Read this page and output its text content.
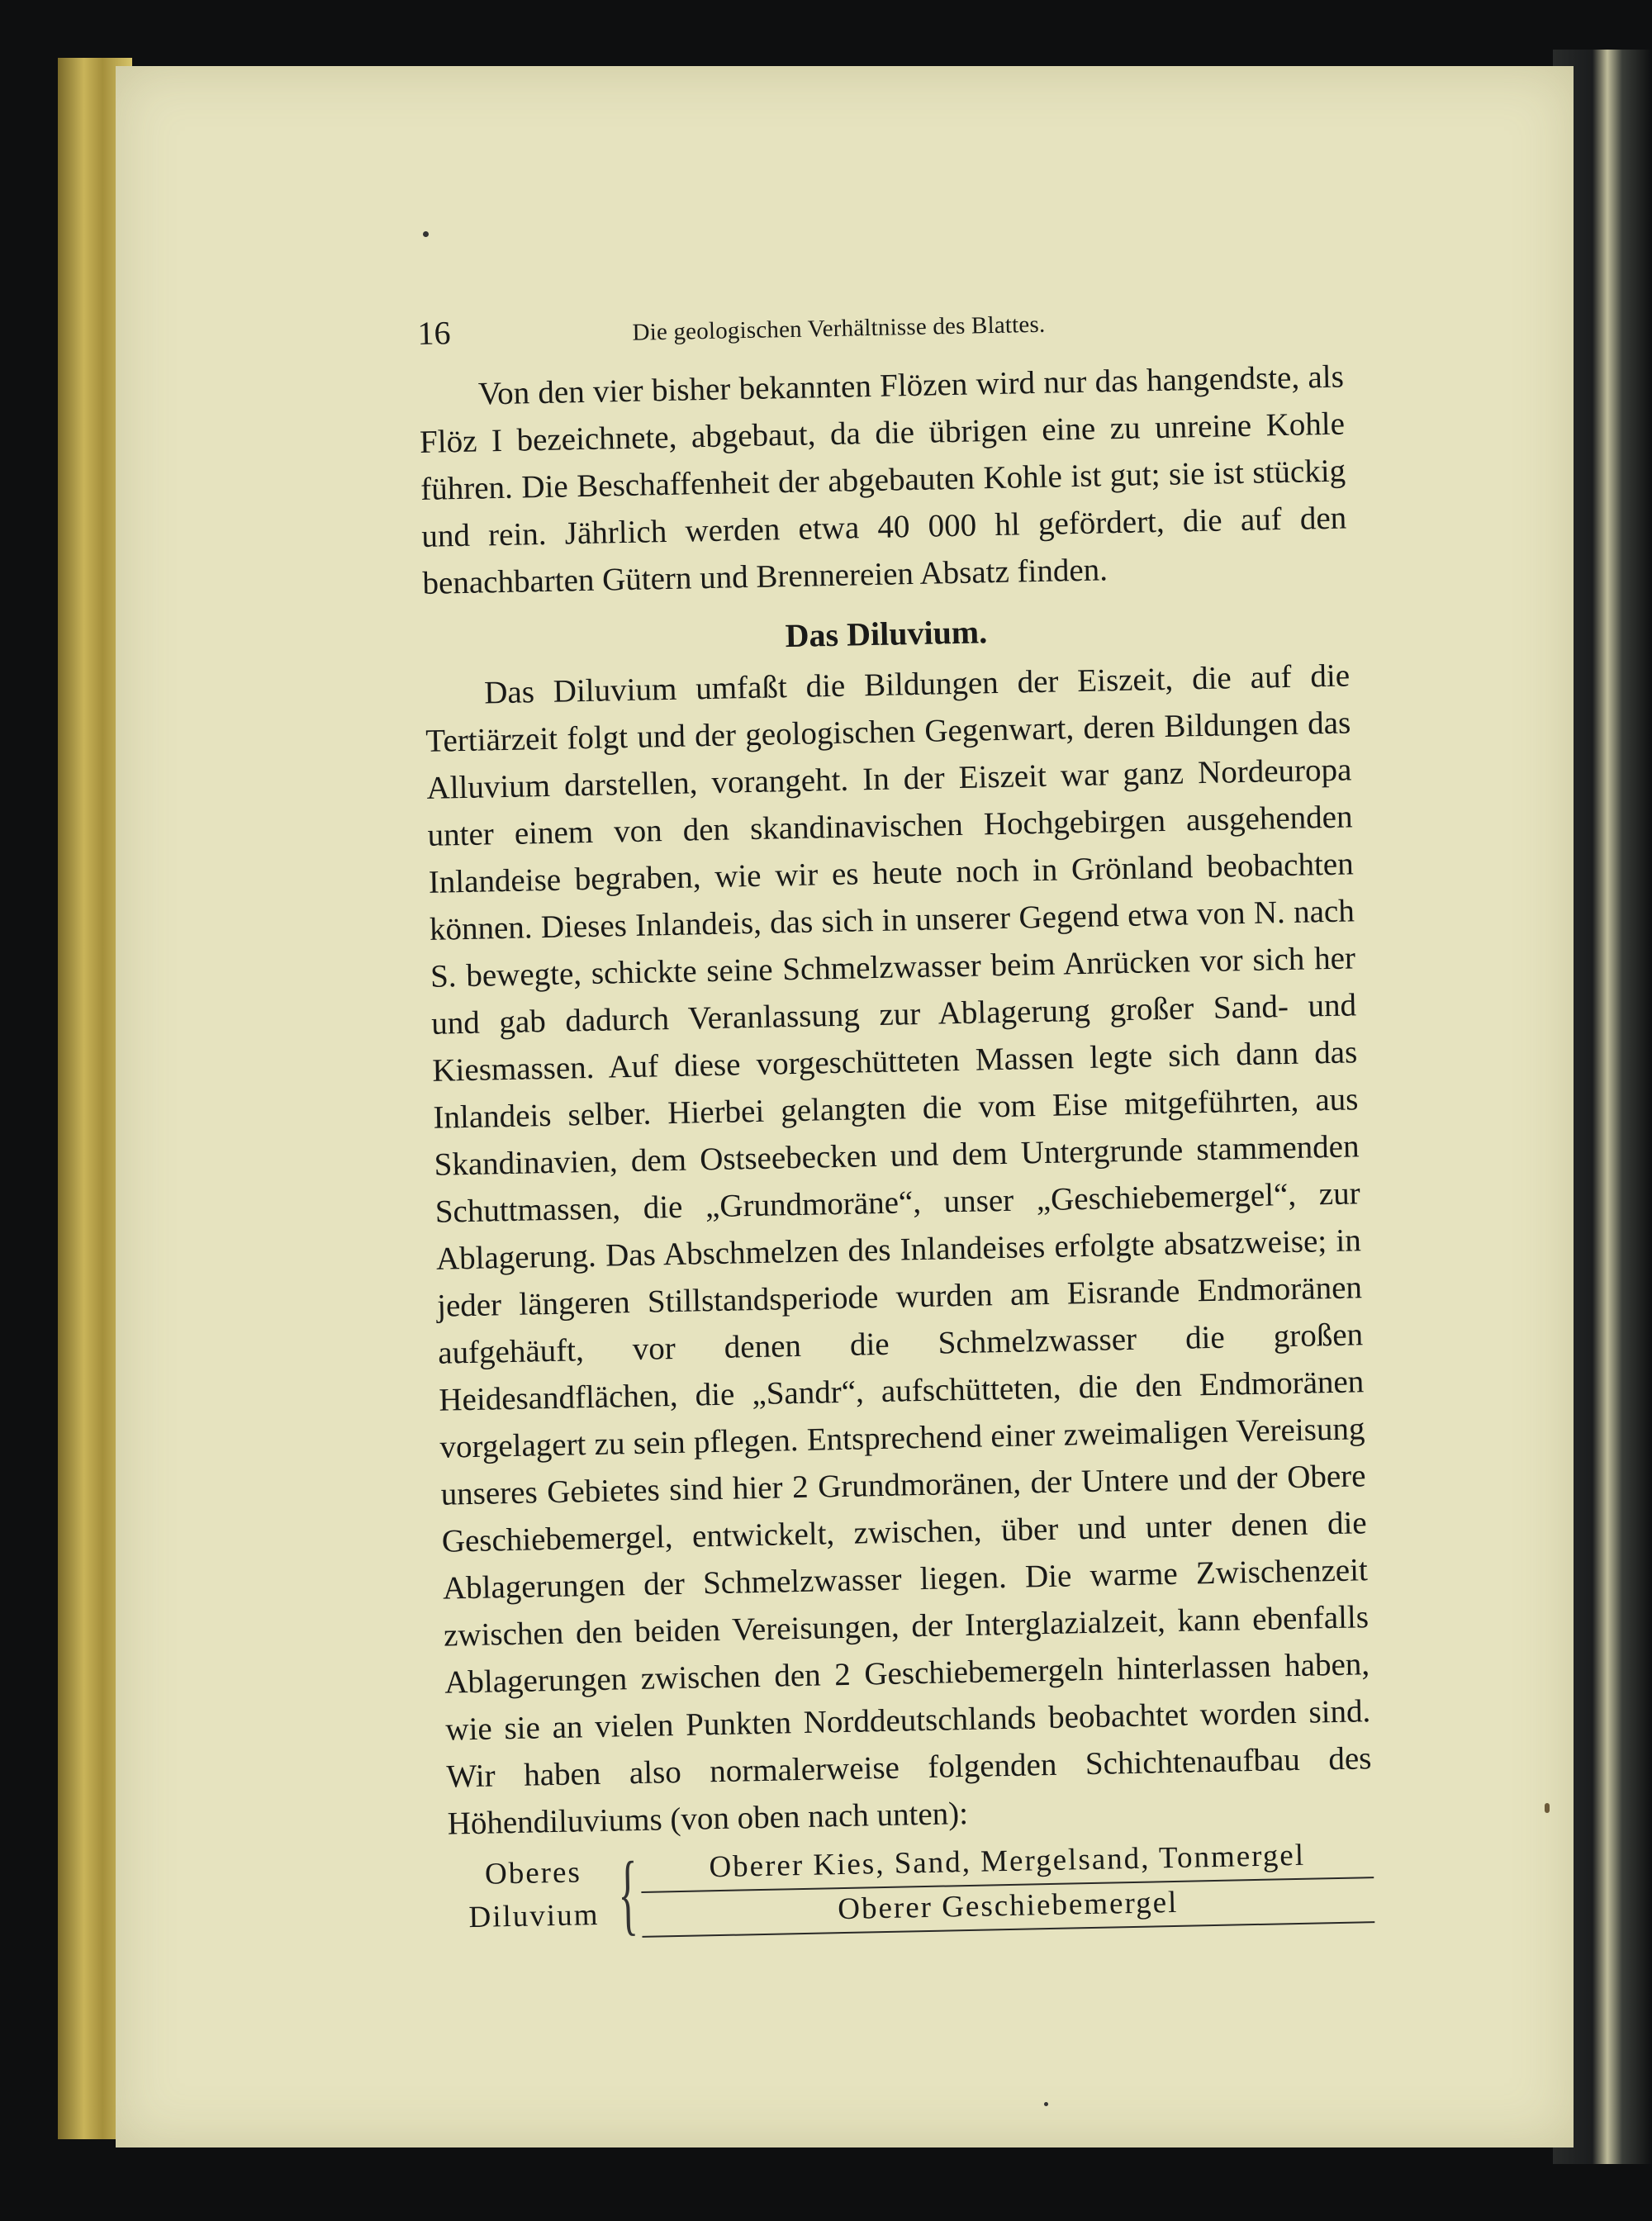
16	Die geologischen Verhältnisse des Blattes.

Von den vier bisher bekannten Flözen wird nur das hangendste, als Flöz I bezeichnete, abgebaut, da die übrigen eine zu unreine Kohle führen. Die Beschaffenheit der abgebauten Kohle ist gut; sie ist stückig und rein. Jährlich werden etwa 40 000 hl gefördert, die auf den benachbarten Gütern und Brennereien Absatz finden.

Das Diluvium.

Das Diluvium umfaßt die Bildungen der Eiszeit, die auf die Tertiärzeit folgt und der geologischen Gegenwart, deren Bildungen das Alluvium darstellen, vorangeht. In der Eiszeit war ganz Nordeuropa unter einem von den skandinavischen Hochgebirgen ausgehenden Inlandeise begraben, wie wir es heute noch in Grönland beobachten können. Dieses Inlandeis, das sich in unserer Gegend etwa von N. nach S. bewegte, schickte seine Schmelzwasser beim Anrücken vor sich her und gab dadurch Veranlassung zur Ablagerung großer Sand- und Kiesmassen. Auf diese vorgeschütteten Massen legte sich dann das Inlandeis selber. Hierbei gelangten die vom Eise mitgeführten, aus Skandinavien, dem Ostseebecken und dem Untergrunde stammenden Schuttmassen, die „Grundmoräne“, unser „Geschiebemergel“, zur Ablagerung. Das Abschmelzen des Inlandeises erfolgte absatzweise; in jeder längeren Stillstandsperiode wurden am Eisrande Endmoränen aufgehäuft, vor denen die Schmelzwasser die großen Heidesandflächen, die „Sandr“, aufschütteten, die den Endmoränen vorgelagert zu sein pflegen. Entsprechend einer zweimaligen Vereisung unseres Gebietes sind hier 2 Grundmoränen, der Untere und der Obere Geschiebemergel, entwickelt, zwischen, über und unter denen die Ablagerungen der Schmelzwasser liegen. Die warme Zwischenzeit zwischen den beiden Vereisungen, der Interglazialzeit, kann ebenfalls Ablagerungen zwischen den 2 Geschiebemergeln hinterlassen haben, wie sie an vielen Punkten Norddeutschlands beobachtet worden sind. Wir haben also normalerweise folgenden Schichtenaufbau des Höhendiluviums (von oben nach unten):

Oberes
Diluvium {	Oberer Kies, Sand, Mergelsand, Tonmergel
Oberer Geschiebemergel
